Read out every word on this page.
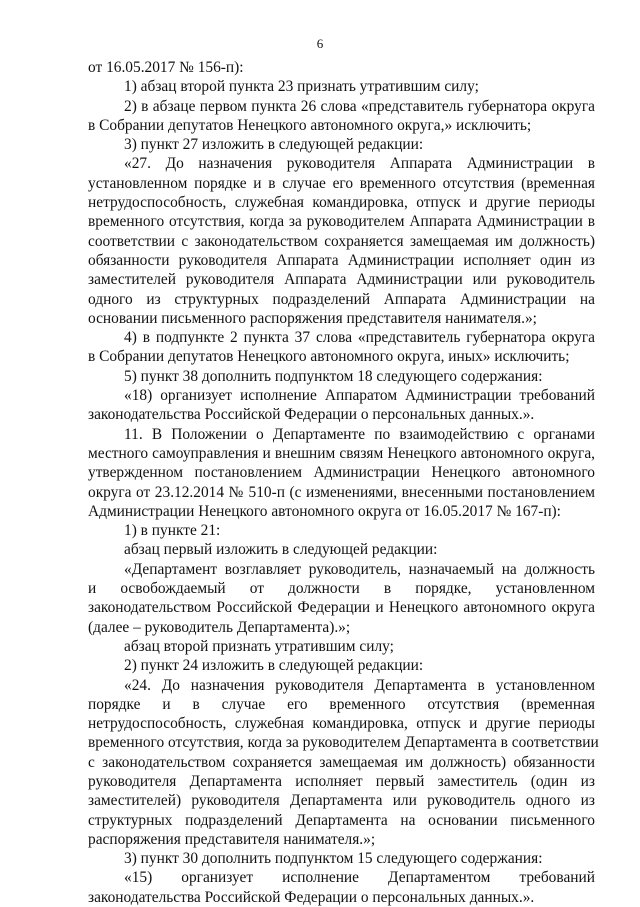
6
от 16.05.2017 № 156-п):
1) абзац второй пункта 23 признать утратившим силу;
2) в абзаце первом пункта 26 слова «представитель губернатора округа
в Собрании депутатов Ненецкого автономного округа,» исключить;
3) пункт 27 изложить в следующей редакции:
«27. До назначения руководителя Аппарата Администрации в
установленном порядке и в случае его временного отсутствия (временная
нетрудоспособность, служебная командировка, отпуск и другие периоды
временного отсутствия, когда за руководителем Аппарата Администрации в
соответствии с законодательством сохраняется замещаемая им должность)
обязанности руководителя Аппарата Администрации исполняет один из
заместителей руководителя Аппарата Администрации или руководитель
одного из структурных подразделений Аппарата Администрации на
основании письменного распоряжения представителя нанимателя.»;
4) в подпункте 2 пункта 37 слова «представитель губернатора округа
в Собрании депутатов Ненецкого автономного округа, иных» исключить;
5) пункт 38 дополнить подпунктом 18 следующего содержания:
«18) организует исполнение Аппаратом Администрации требований
законодательства Российской Федерации о персональных данных.».
11. В Положении о Департаменте по взаимодействию с органами
местного самоуправления и внешним связям Ненецкого автономного округа,
утвержденном постановлением Администрации Ненецкого автономного
округа от 23.12.2014 № 510-п (с изменениями, внесенными постановлением
Администрации Ненецкого автономного округа от 16.05.2017 № 167-п):
1) в пункте 21:
абзац первый изложить в следующей редакции:
«Департамент возглавляет руководитель, назначаемый на должность
и освобождаемый от должности в порядке, установленном
законодательством Российской Федерации и Ненецкого автономного округа
(далее – руководитель Департамента).»;
абзац второй признать утратившим силу;
2) пункт 24 изложить в следующей редакции:
«24. До назначения руководителя Департамента в установленном
порядке и в случае его временного отсутствия (временная
нетрудоспособность, служебная командировка, отпуск и другие периоды
временного отсутствия, когда за руководителем Департамента в соответствии
с законодательством сохраняется замещаемая им должность) обязанности
руководителя Департамента исполняет первый заместитель (один из
заместителей) руководителя Департамента или руководитель одного из
структурных подразделений Департамента на основании письменного
распоряжения представителя нанимателя.»;
3) пункт 30 дополнить подпунктом 15 следующего содержания:
«15) организует исполнение Департаментом требований
законодательства Российской Федерации о персональных данных.».
